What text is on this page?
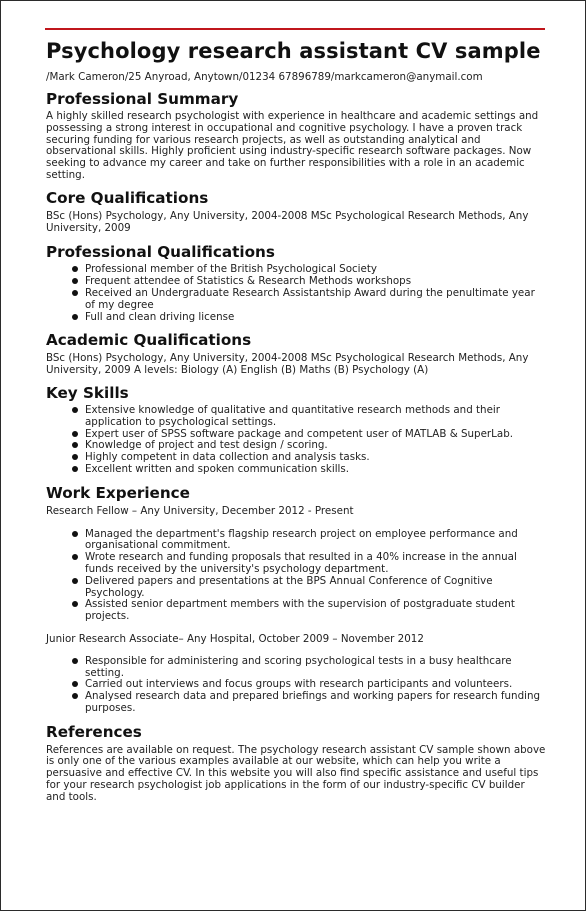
Psychology research assistant CV sample
/Mark Cameron/25 Anyroad, Anytown/01234 67896789/markcameron@anymail.com
Professional Summary

A highly skilled research psychologist with experience in healthcare and academic settings and possessing a strong interest in occupational and cognitive psychology. I have a proven track securing funding for various research projects, as well as outstanding analytical and observational skills. Highly proficient using industry-specific research software packages. Now seeking to advance my career and take on further responsibilities with a role in an academic setting.

Core Qualifications

BSc (Hons) Psychology, Any University, 2004-2008 MSc Psychological Research Methods, Any University, 2009

Professional Qualifications
Professional member of the British Psychological Society
Frequent attendee of Statistics & Research Methods workshops
Received an Undergraduate Research Assistantship Award during the penultimate year of my degree
Full and clean driving license
Academic Qualifications

BSc (Hons) Psychology, Any University, 2004-2008 MSc Psychological Research Methods, Any University, 2009 A levels: Biology (A) English (B) Maths (B) Psychology (A)

Key Skills
Extensive knowledge of qualitative and quantitative research methods and their application to psychological settings.
Expert user of SPSS software package and competent user of MATLAB & SuperLab.
Knowledge of project and test design / scoring.
Highly competent in data collection and analysis tasks.
Excellent written and spoken communication skills.
Work Experience

Research Fellow – Any University, December 2012 - Present

Managed the department's flagship research project on employee performance and organisational commitment.
Wrote research and funding proposals that resulted in a 40% increase in the annual funds received by the university's psychology department.
Delivered papers and presentations at the BPS Annual Conference of Cognitive Psychology.
Assisted senior department members with the supervision of postgraduate student projects.

Junior Research Associate– Any Hospital, October 2009 – November 2012

Responsible for administering and scoring psychological tests in a busy healthcare setting.
Carried out interviews and focus groups with research participants and volunteers.
Analysed research data and prepared briefings and working papers for research funding purposes.
References

References are available on request. The psychology research assistant CV sample shown above is only one of the various examples available at our website, which can help you write a persuasive and effective CV. In this website you will also find specific assistance and useful tips for your research psychologist job applications in the form of our industry-specific CV builder and tools.
